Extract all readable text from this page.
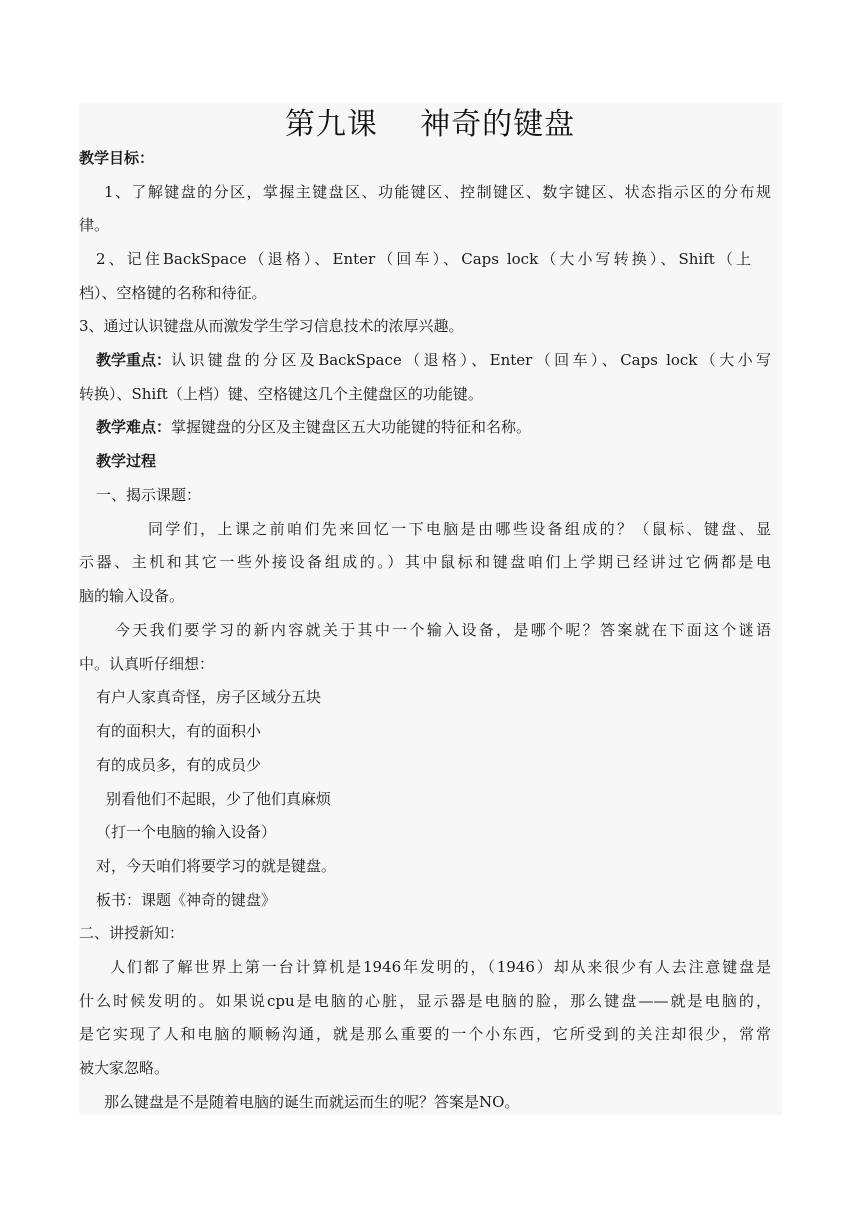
第九课    神奇的键盘
教学目标：
1、了解键盘的分区，掌握主键盘区、功能键区、控制键区、数字键区、状态指示区的分布规
律。
2、记住BackSpace（退格）、Enter（回车）、Caps lock（大小写转换）、Shift（上
档）、空格键的名称和待征。
3、通过认识键盘从而激发学生学习信息技术的浓厚兴趣。
教学重点： 认识键盘的分区及BackSpace（退格）、Enter（回车）、Caps lock（大小写
转换）、Shift（上档）键、空格键这几个主健盘区的功能键。
教学难点：掌握键盘的分区及主键盘区五大功能键的特征和名称。
教学过程
一、揭示课题：
同学们，上课之前咱们先来回忆一下电脑是由哪些设备组成的？（鼠标、键盘、显
示器、主机和其它一些外接设备组成的。）其中鼠标和键盘咱们上学期已经讲过它俩都是电
脑的输入设备。
今天我们要学习的新内容就关于其中一个输入设备，是哪个呢？答案就在下面这个谜语
中。认真听仔细想：
有户人家真奇怪，房子区域分五块
有的面积大，有的面积小
有的成员多，有的成员少
别看他们不起眼，少了他们真麻烦
（打一个电脑的输入设备）
对，今天咱们将要学习的就是键盘。
板书：课题《神奇的键盘》
二、讲授新知：
人们都了解世界上第一台计算机是1946年发明的，（1946）却从来很少有人去注意键盘是
什么时候发明的。如果说cpu是电脑的心脏，显示器是电脑的脸，那么键盘——就是电脑的，
是它实现了人和电脑的顺畅沟通，就是那么重要的一个小东西，它所受到的关注却很少，常常
被大家忽略。
那么键盘是不是随着电脑的诞生而就运而生的呢？答案是NO。
